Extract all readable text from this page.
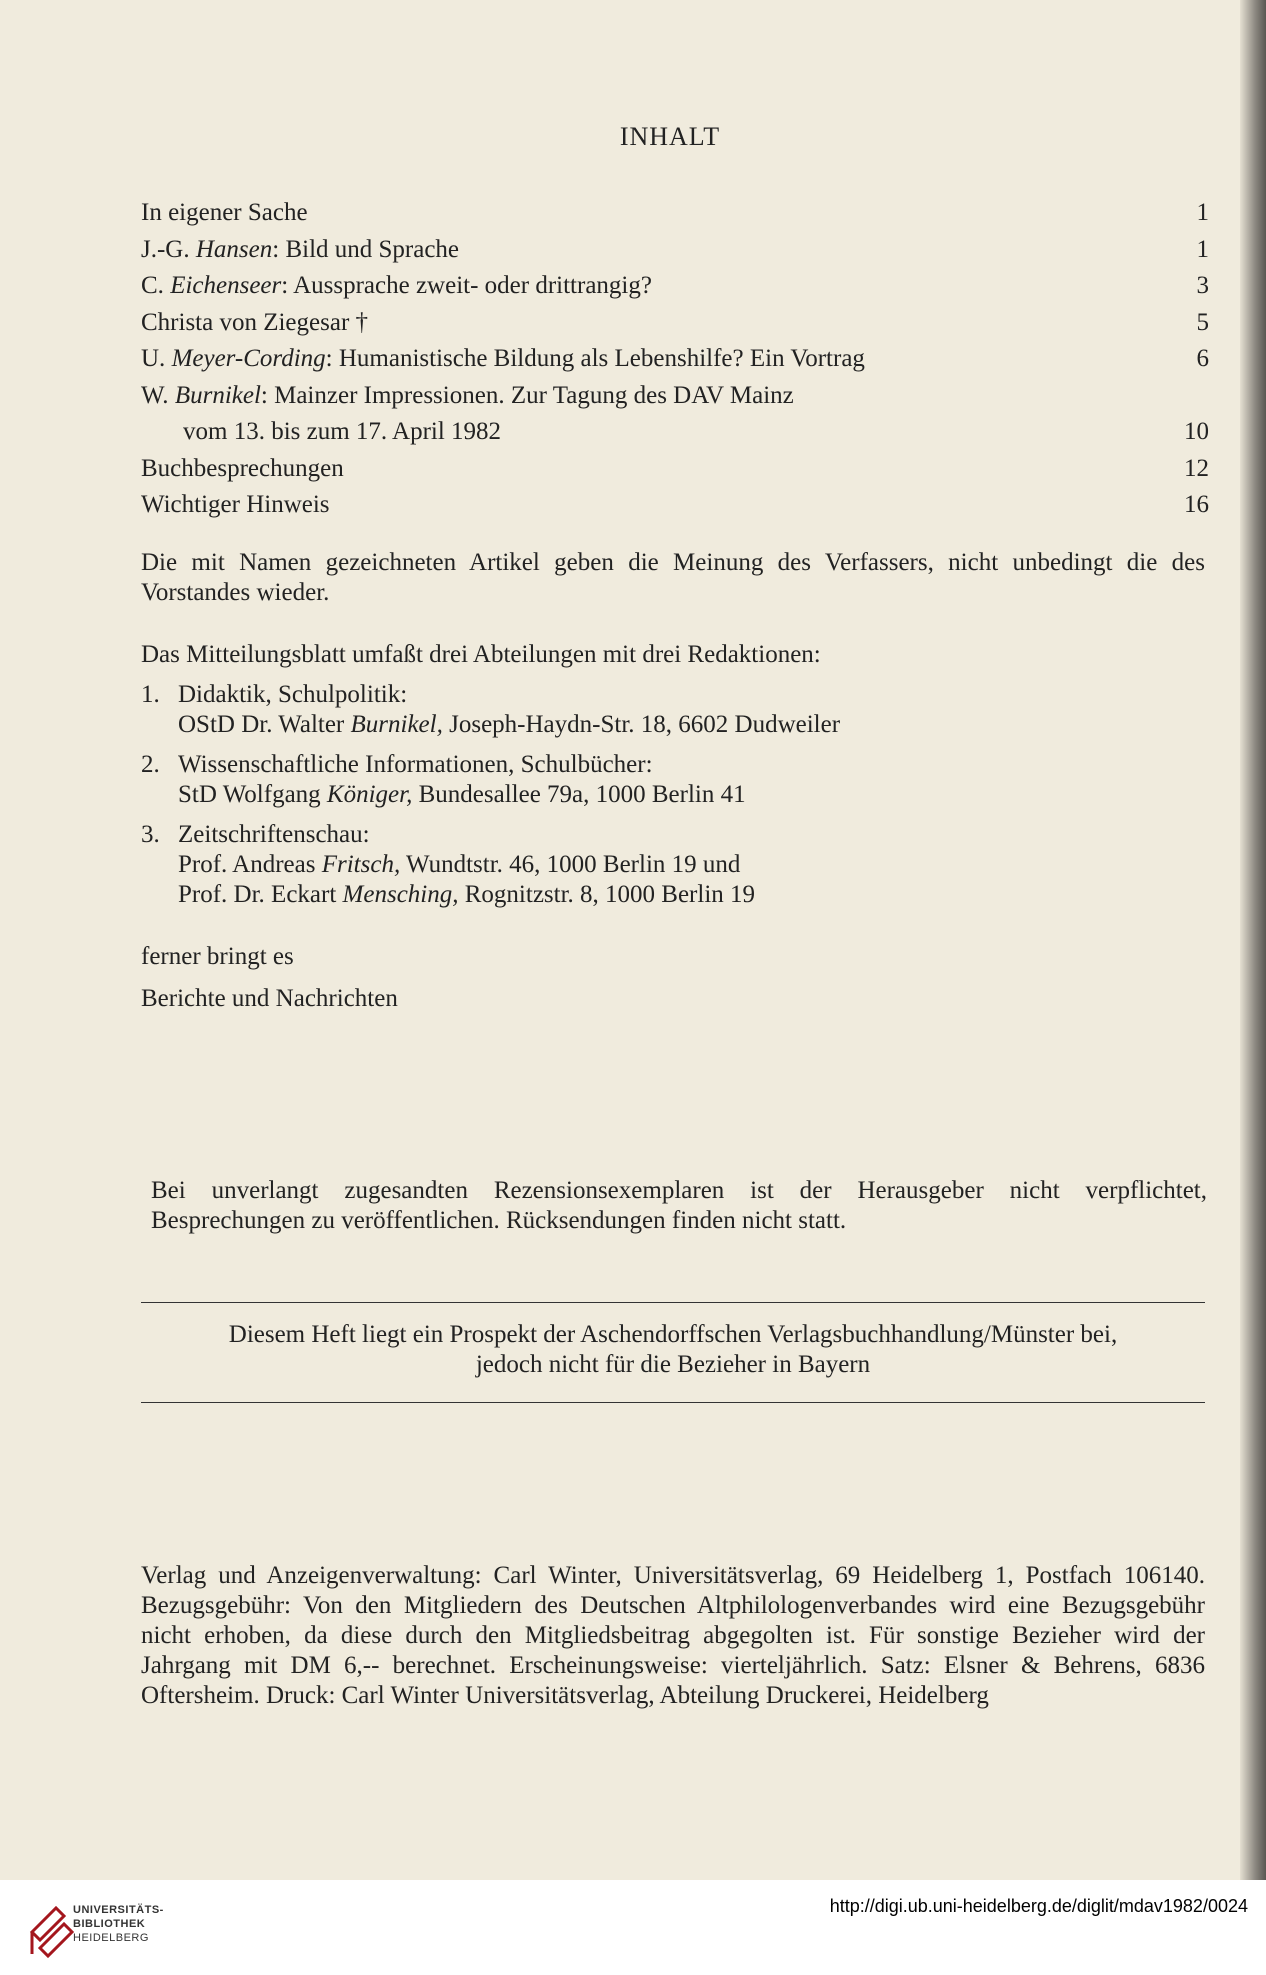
INHALT
In eigener Sache	1
J.-G. Hansen: Bild und Sprache	1
C. Eichenseer: Aussprache zweit- oder drittrangig?	3
Christa von Ziegesar †	5
U. Meyer-Cording: Humanistische Bildung als Lebenshilfe? Ein Vortrag	6
W. Burnikel: Mainzer Impressionen. Zur Tagung des DAV Mainz
vom 13. bis zum 17. April 1982	10
Buchbesprechungen	12
Wichtiger Hinweis	16
Die mit Namen gezeichneten Artikel geben die Meinung des Verfassers, nicht unbedingt die des Vorstandes wieder.
Das Mitteilungsblatt umfaßt drei Abteilungen mit drei Redaktionen:
1. Didaktik, Schulpolitik:
OStD Dr. Walter Burnikel, Joseph-Haydn-Str. 18, 6602 Dudweiler
2. Wissenschaftliche Informationen, Schulbücher:
StD Wolfgang Königer, Bundesallee 79a, 1000 Berlin 41
3. Zeitschriftenschau:
Prof. Andreas Fritsch, Wundtstr. 46, 1000 Berlin 19 und
Prof. Dr. Eckart Mensching, Rognitzstr. 8, 1000 Berlin 19
ferner bringt es
Berichte und Nachrichten
Bei unverlangt zugesandten Rezensionsexemplaren ist der Herausgeber nicht verpflichtet, Besprechungen zu veröffentlichen. Rücksendungen finden nicht statt.
Diesem Heft liegt ein Prospekt der Aschendorffschen Verlagsbuchhandlung/Münster bei,
jedoch nicht für die Bezieher in Bayern
Verlag und Anzeigenverwaltung: Carl Winter, Universitätsverlag, 69 Heidelberg 1, Postfach 106140. Bezugsgebühr: Von den Mitgliedern des Deutschen Altphilologenverbandes wird eine Bezugsgebühr nicht erhoben, da diese durch den Mitgliedsbeitrag abgegolten ist. Für sonstige Bezieher wird der Jahrgang mit DM 6,-- berechnet. Erscheinungsweise: vierteljährlich. Satz: Elsner & Behrens, 6836 Oftersheim. Druck: Carl Winter Universitätsverlag, Abteilung Druckerei, Heidelberg
UNIVERSITÄTS-
BIBLIOTHEK
HEIDELBERG
http://digi.ub.uni-heidelberg.de/diglit/mdav1982/0024
